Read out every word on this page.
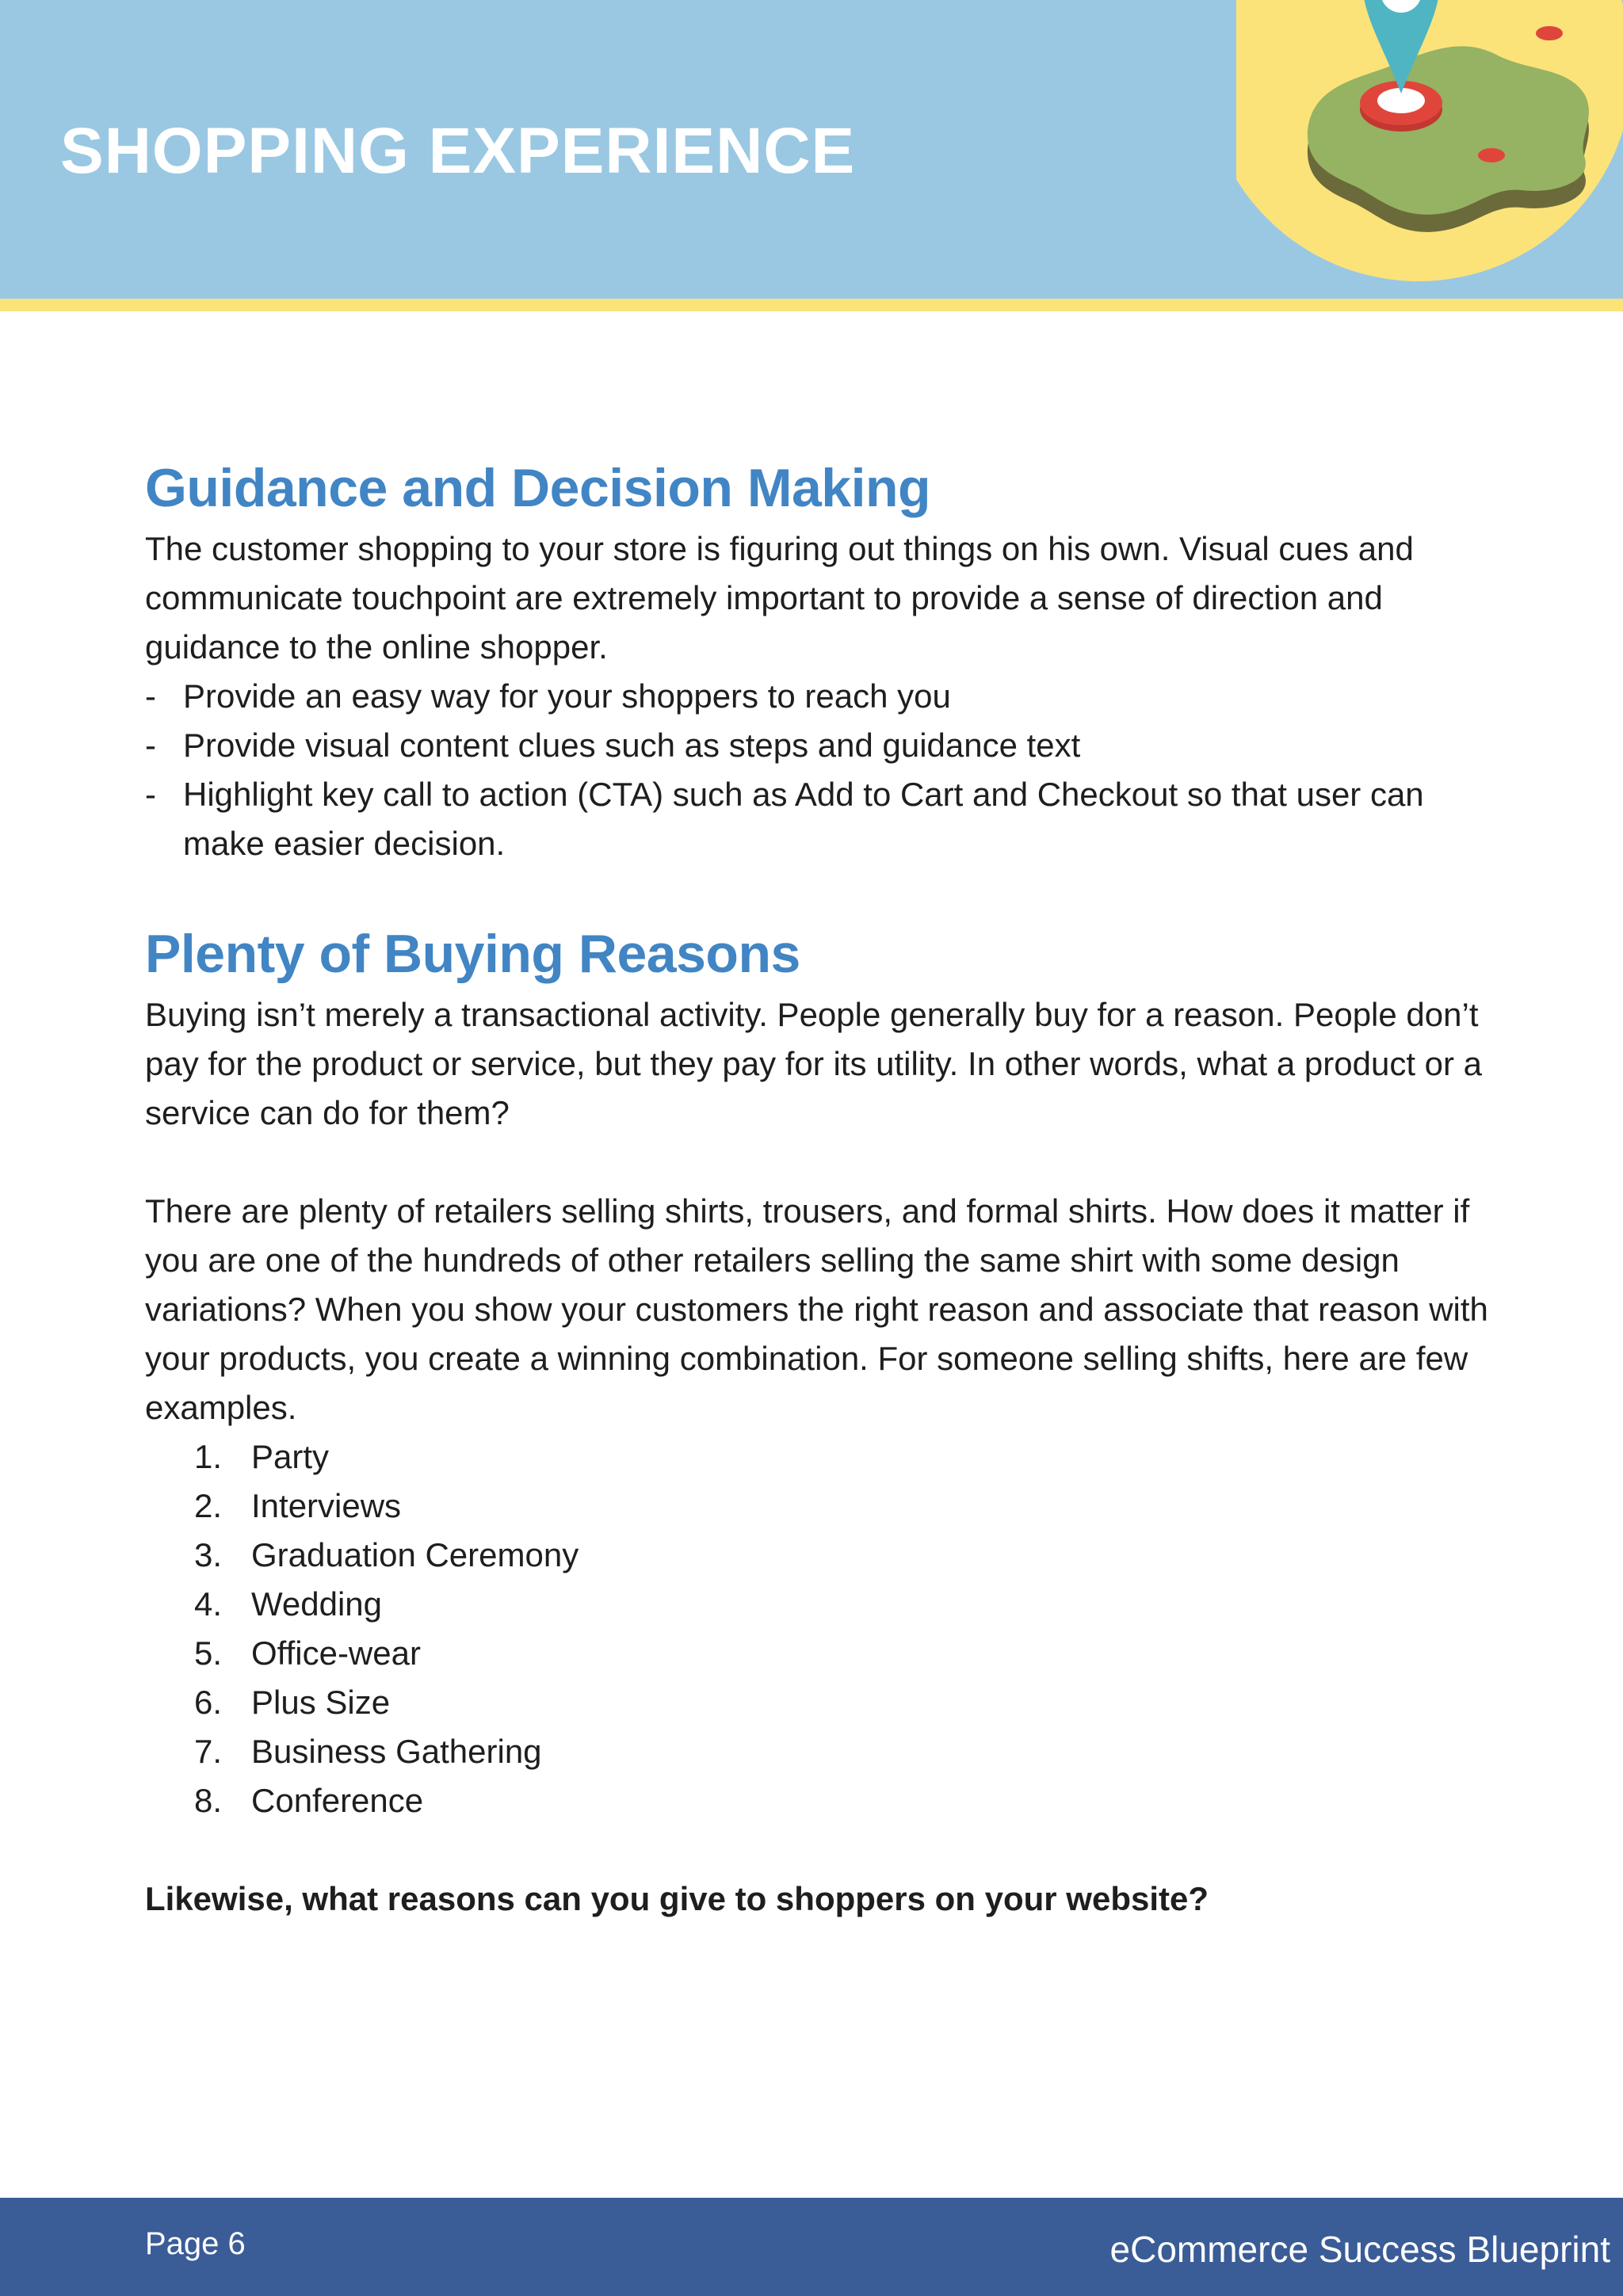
SHOPPING EXPERIENCE
Guidance and Decision Making

The customer shopping to your store is figuring out things on his own. Visual cues and communicate touchpoint are extremely important to provide a sense of direction and guidance to the online shopper.

- Provide an easy way for your shoppers to reach you
- Provide visual content clues such as steps and guidance text
- Highlight key call to action (CTA) such as Add to Cart and Checkout so that user can make easier decision.
Plenty of Buying Reasons

Buying isn’t merely a transactional activity. People generally buy for a reason. People don’t pay for the product or service, but they pay for its utility. In other words, what a product or a service can do for them?

There are plenty of retailers selling shirts, trousers, and formal shirts. How does it matter if you are one of the hundreds of other retailers selling the same shirt with some design variations? When you show your customers the right reason and associate that reason with your products, you create a winning combination. For someone selling shifts, here are few examples.

1. Party
2. Interviews
3. Graduation Ceremony
4. Wedding
5. Office-wear
6. Plus Size
7. Business Gathering
8. Conference

Likewise, what reasons can you give to shoppers on your website?

Page 6	eCommerce Success Blueprint
